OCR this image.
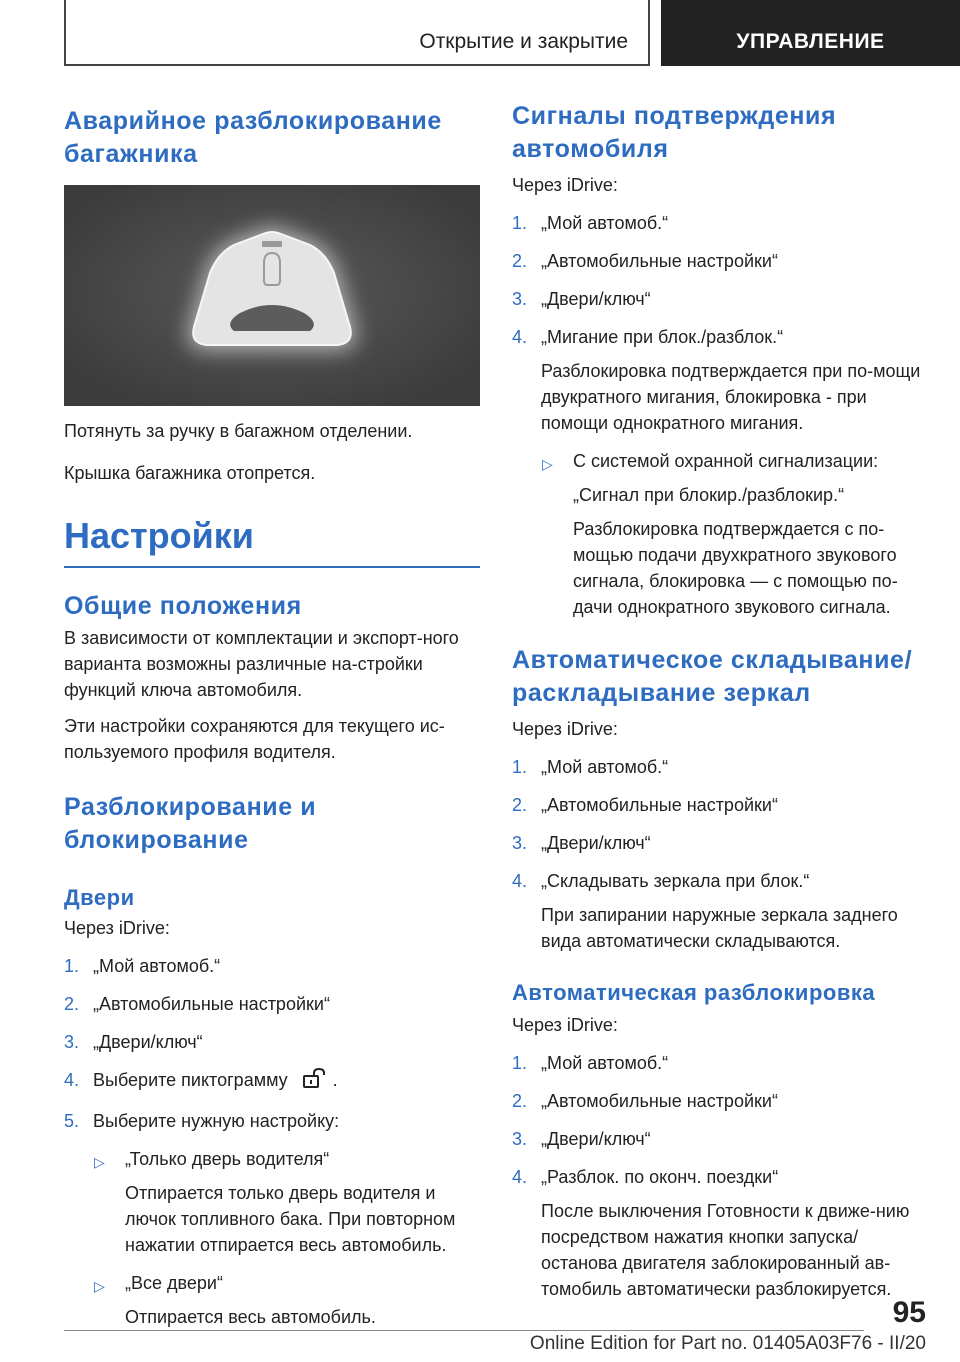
Открытие и закрытие	УПРАВЛЕНИЕ
Аварийное разблокирование багажника
Потянуть за ручку в багажном отделении.
Крышка багажника отопрется.
Настройки
Общие положения
В зависимости от комплектации и экспорт-ного варианта возможны различные на-стройки функций ключа автомобиля.
Эти настройки сохраняются для текущего ис-пользуемого профиля водителя.
Разблокирование и блокирование
Двери
Через iDrive:
1. „Мой автомоб.“
2. „Автомобильные настройки“
3. „Двери/ключ“
4. Выберите пиктограмму	.
5. Выберите нужную настройку:
▷ „Только дверь водителя“
Отпирается только дверь водителя и лючок топливного бака. При повторном нажатии отпирается весь автомобиль.
▷ „Все двери“
Отпирается весь автомобиль.
Сигналы подтверждения автомобиля
Через iDrive:
1. „Мой автомоб.“
2. „Автомобильные настройки“
3. „Двери/ключ“
4. „Мигание при блок./разблок.“
Разблокировка подтверждается при по-мощи двукратного мигания, блокировка - при помощи однократного мигания.
▷ С системой охранной сигнализации:
„Сигнал при блокир./разблокир.“
Разблокировка подтверждается с по-мощью подачи двухкратного звукового сигнала, блокировка — с помощью по-дачи однократного звукового сигнала.
Автоматическое складывание/раскладывание зеркал
Через iDrive:
1. „Мой автомоб.“
2. „Автомобильные настройки“
3. „Двери/ключ“
4. „Складывать зеркала при блок.“
При запирании наружные зеркала заднего вида автоматически складываются.
Автоматическая разблокировка
Через iDrive:
1. „Мой автомоб.“
2. „Автомобильные настройки“
3. „Двери/ключ“
4. „Разблок. по оконч. поездки“
После выключения Готовности к движе-нию посредством нажатия кнопки запуска/останова двигателя заблокированный ав-томобиль автоматически разблокируется.
95
Online Edition for Part no. 01405A03F76 - II/20
